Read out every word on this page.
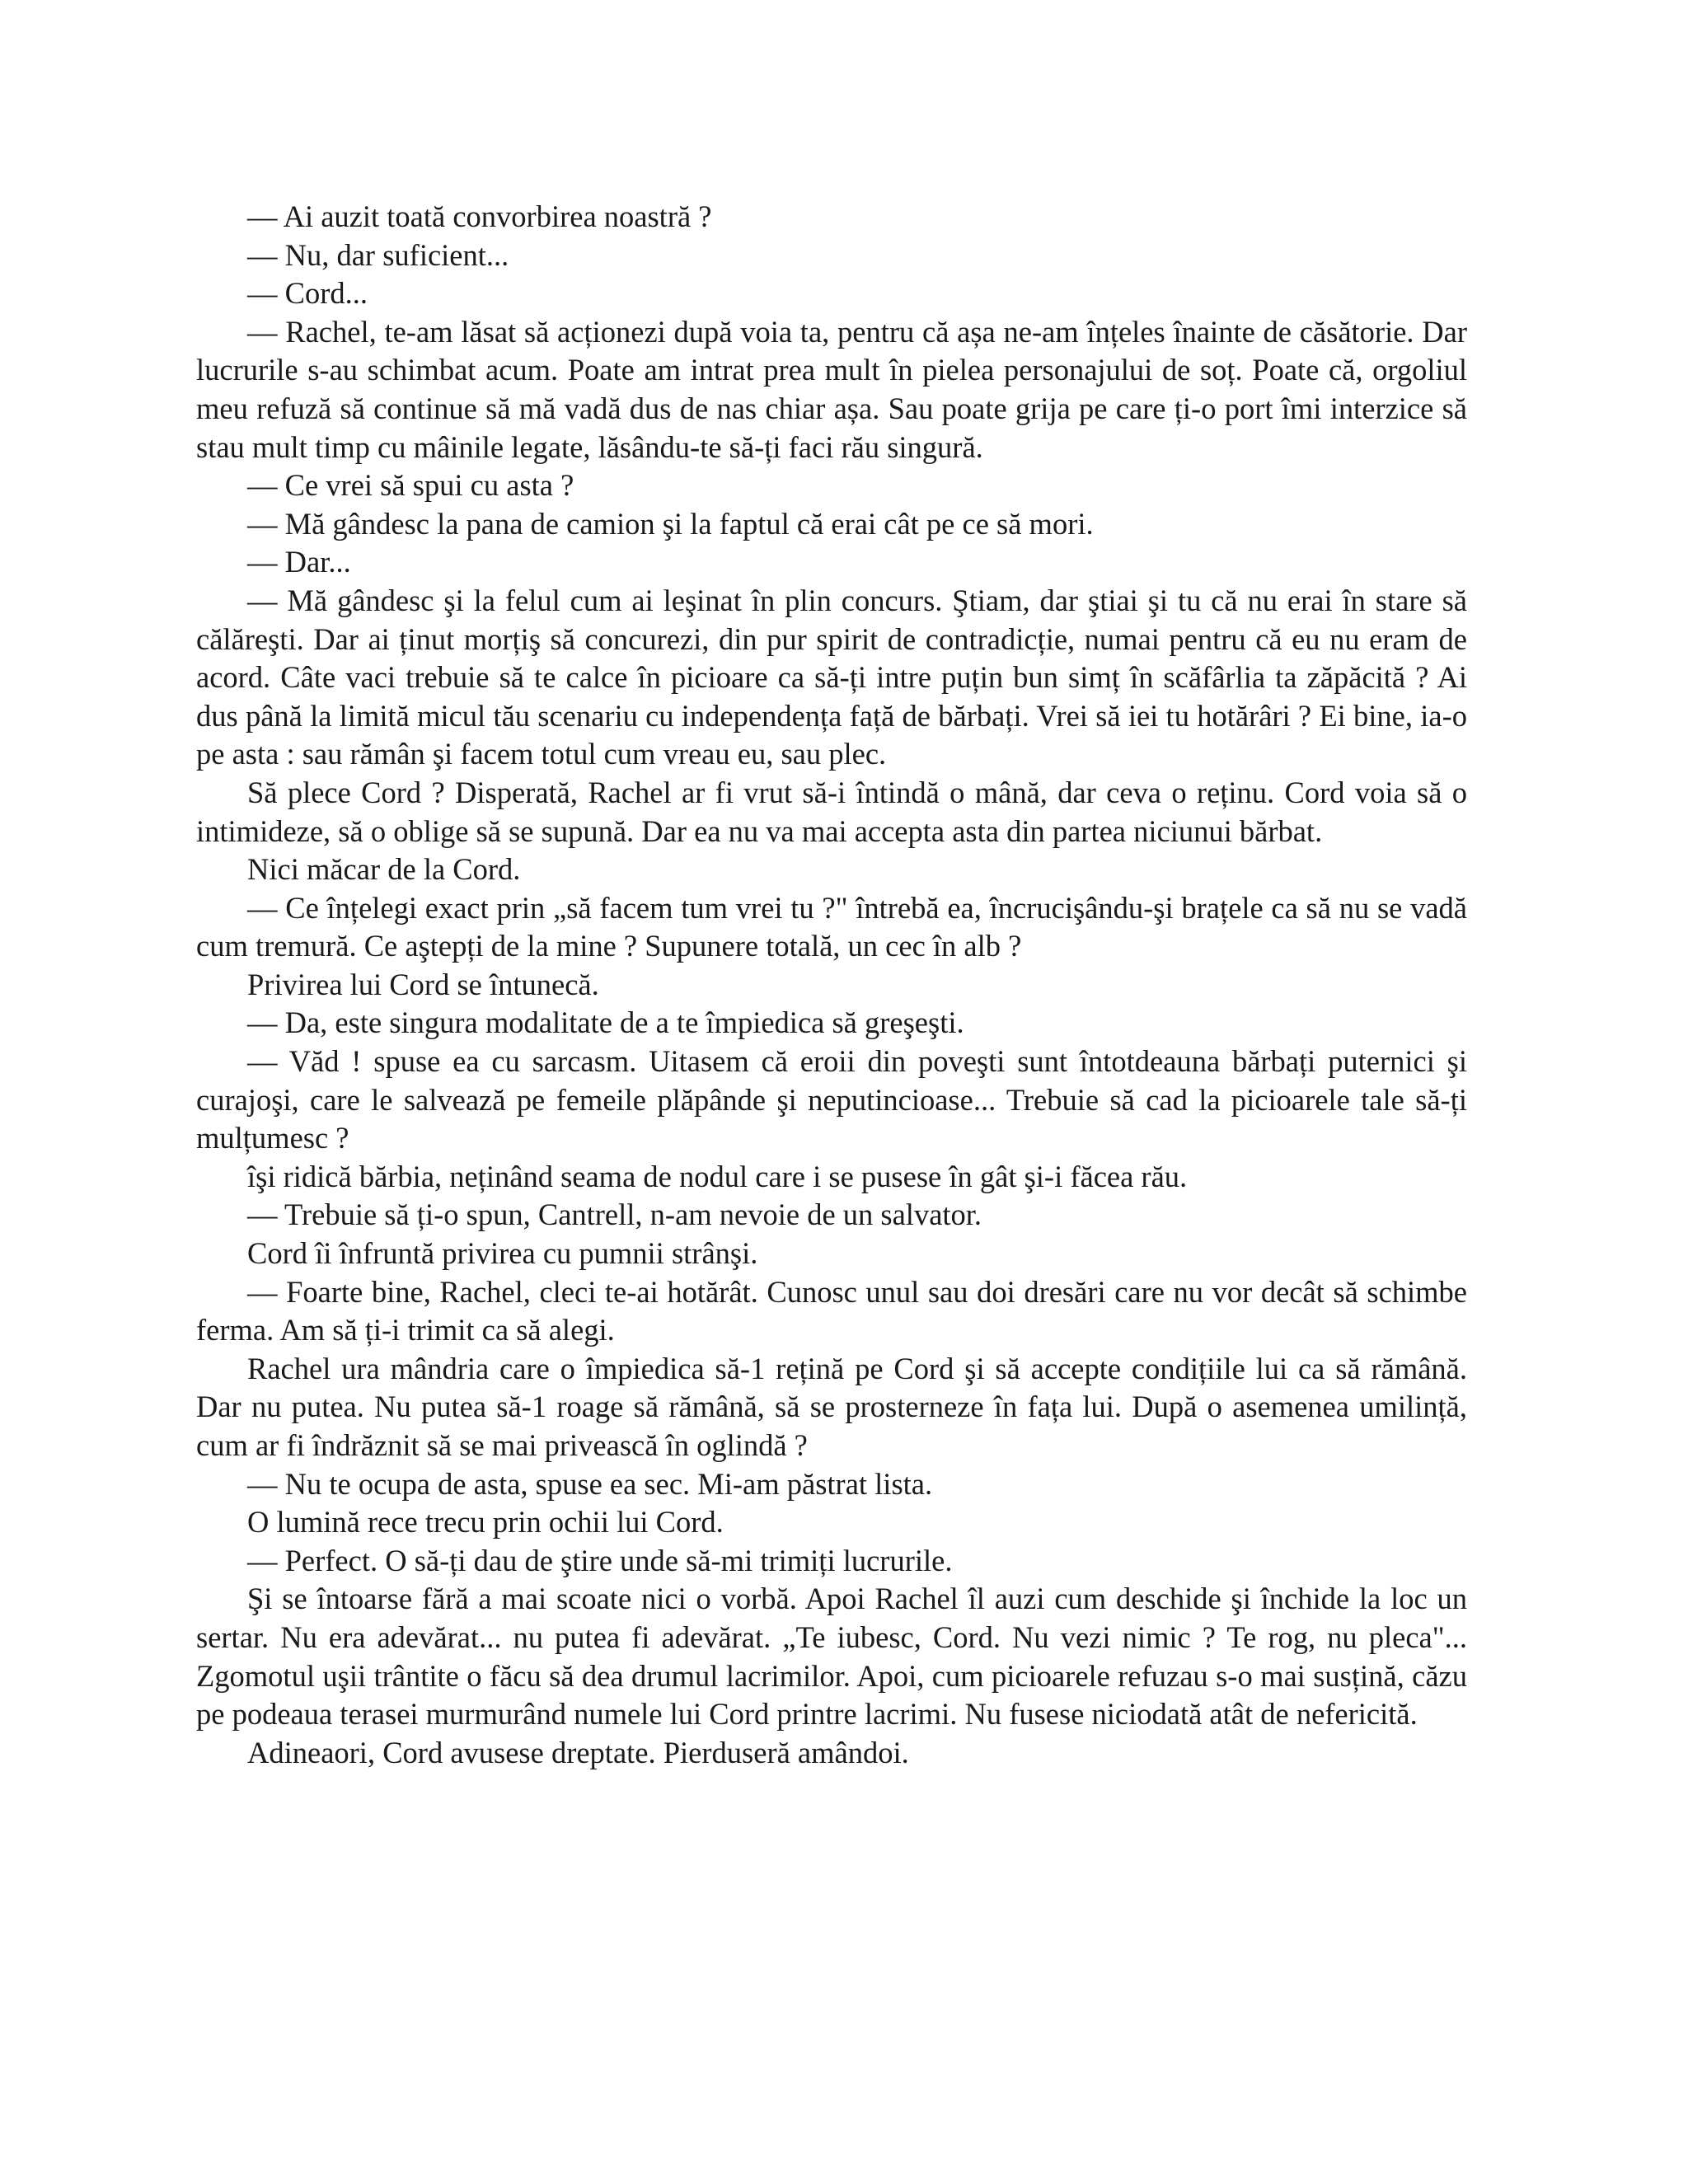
— Ai auzit toată convorbirea noastră ?

— Nu, dar suficient...

— Cord...

— Rachel, te-am lăsat să acționezi după voia ta, pentru că așa ne-am înțeles înainte de căsătorie. Dar lucrurile s-au schimbat acum. Poate am intrat prea mult în pielea personajului de soț. Poate că, orgoliul meu refuză să continue să mă vadă dus de nas chiar așa. Sau poate grija pe care ți-o port îmi interzice să stau mult timp cu mâinile legate, lăsându-te să-ți faci rău singură.

— Ce vrei să spui cu asta ?

— Mă gândesc la pana de camion şi la faptul că erai cât pe ce să mori.

— Dar...

— Mă gândesc şi la felul cum ai leşinat în plin concurs. Ştiam, dar ştiai şi tu că nu erai în stare să călăreşti. Dar ai ținut morțiş să concurezi, din pur spirit de contradicție, numai pentru că eu nu eram de acord. Câte vaci trebuie să te calce în picioare ca să-ți intre puțin bun simț în scăfârlia ta zăpăcită ? Ai dus până la limită micul tău scenariu cu independența față de bărbați. Vrei să iei tu hotărâri ? Ei bine, ia-o pe asta : sau rămân şi facem totul cum vreau eu, sau plec.

Să plece Cord ? Disperată, Rachel ar fi vrut să-i întindă o mână, dar ceva o reținu. Cord voia să o intimideze, să o oblige să se supună. Dar ea nu va mai accepta asta din partea niciunui bărbat.

Nici măcar de la Cord.

— Ce înțelegi exact prin „să facem tum vrei tu ?" întrebă ea, încrucişându-şi brațele ca să nu se vadă cum tremură. Ce aştepți de la mine ? Supunere totală, un cec în alb ?

Privirea lui Cord se întunecă.

— Da, este singura modalitate de a te împiedica să greşeşti.

— Văd ! spuse ea cu sarcasm. Uitasem că eroii din poveşti sunt întotdeauna bărbați puternici şi curajoşi, care le salvează pe femeile plăpânde şi neputincioase... Trebuie să cad la picioarele tale să-ți mulțumesc ?

îşi ridică bărbia, neținând seama de nodul care i se pusese în gât şi-i făcea rău.

— Trebuie să ți-o spun, Cantrell, n-am nevoie de un salvator.

Cord îi înfruntă privirea cu pumnii strânşi.

— Foarte bine, Rachel, cleci te-ai hotărât. Cunosc unul sau doi dresări care nu vor decât să schimbe ferma. Am să ți-i trimit ca să alegi.

Rachel ura mândria care o împiedica să-1 rețină pe Cord şi să accepte condițiile lui ca să rămână. Dar nu putea. Nu putea să-1 roage să rămână, să se prosterneze în fața lui. După o asemenea umilință, cum ar fi îndrăznit să se mai privească în oglindă ?

— Nu te ocupa de asta, spuse ea sec. Mi-am păstrat lista.

O lumină rece trecu prin ochii lui Cord.

— Perfect. O să-ți dau de ştire unde să-mi trimiți lucrurile.

Şi se întoarse fără a mai scoate nici o vorbă. Apoi Rachel îl auzi cum deschide şi închide la loc un sertar. Nu era adevărat... nu putea fi adevărat. „Te iubesc, Cord. Nu vezi nimic ? Te rog, nu pleca"... Zgomotul uşii trântite o făcu să dea drumul lacrimilor. Apoi, cum picioarele refuzau s-o mai susțină, căzu pe podeaua terasei murmurând numele lui Cord printre lacrimi. Nu fusese niciodată atât de nefericită.

Adineaori, Cord avusese dreptate. Pierduseră amândoi.
